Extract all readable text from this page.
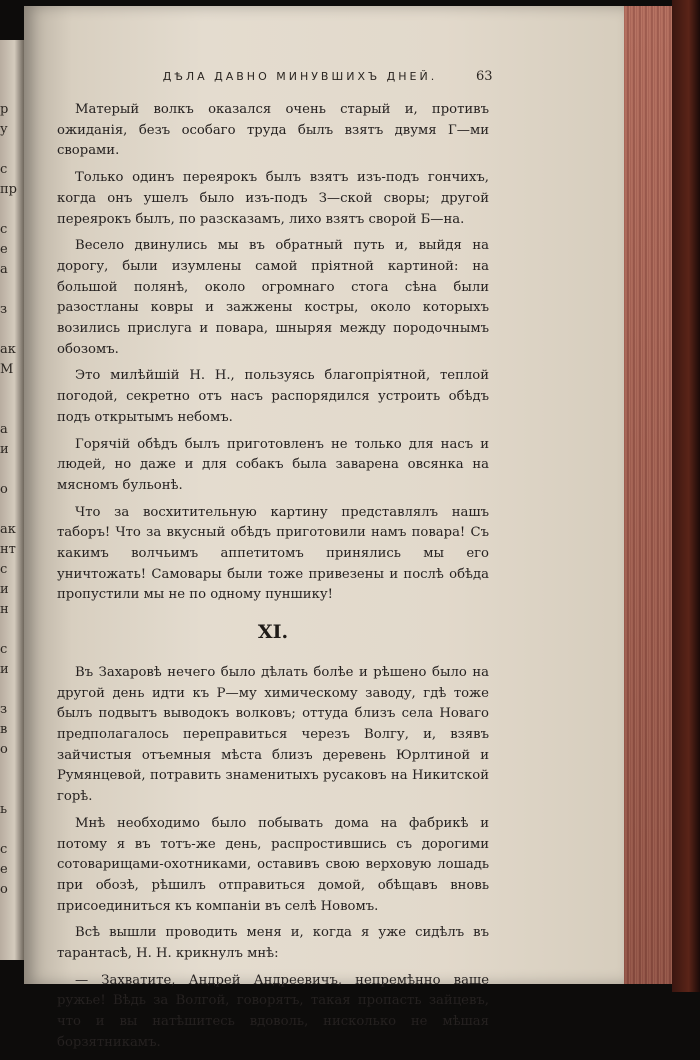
р
у

с
пр

с
е
а

з

ак
М

а
и

о

ак
нт
с
и
н

с
и

з
в
о

ь

с
е
о
ДѢЛА ДАВНО МИНУВШИХЪ ДНЕЙ.	63

Матерый волкъ оказался очень старый и, противъ ожиданія, безъ особаго труда былъ взятъ двумя Г—ми сворами.

Только одинъ переярокъ былъ взятъ изъ-подъ гончихъ, когда онъ ушелъ было изъ-подъ З—ской своры; другой переярокъ былъ, по разсказамъ, лихо взятъ сворой Б—на.

Весело двинулись мы въ обратный путь и, выйдя на дорогу, были изумлены самой пріятной картиной: на большой полянѣ, около огромнаго стога сѣна были разостланы ковры и зажжены костры, около которыхъ возились прислуга и повара, шныряя между породочнымъ обозомъ.

Это милѣйшій Н. Н., пользуясь благопріятной, теплой погодой, секретно отъ насъ распорядился устроить обѣдъ подъ открытымъ небомъ.

Горячій обѣдъ былъ приготовленъ не только для насъ и людей, но даже и для собакъ была заварена овсянка на мясномъ бульонѣ.

Что за восхитительную картину представлялъ нашъ таборъ! Что за вкусный обѣдъ приготовили намъ повара! Съ какимъ волчьимъ аппетитомъ принялись мы его уничтожать! Самовары были тоже привезены и послѣ обѣда пропустили мы не по одному пуншику!

XI.

Въ Захаровѣ нечего было дѣлать болѣе и рѣшено было на другой день идти къ Р—му химическому заводу, гдѣ тоже былъ подвытъ выводокъ волковъ; оттуда близъ села Новаго предполагалось переправиться черезъ Волгу, и, взявъ зайчистыя отъемныя мѣста близъ деревень Юрлтиной и Румянцевой, потравить знаменитыхъ русаковъ на Никитской горѣ.

Мнѣ необходимо было побывать дома на фабрикѣ и потому я въ тотъ-же день, распростившись съ дорогими сотоварищами-охотниками, оставивъ свою верховую лошадь при обозѣ, рѣшилъ отправиться домой, обѣщавъ вновь присоединиться къ компаніи въ селѣ Новомъ.

Всѣ вышли проводить меня и, когда я уже сидѣлъ въ тарантасѣ, Н. Н. крикнулъ мнѣ:

— Захватите, Андрей Андреевичъ, непремѣнно ваше ружье! Вѣдь за Волгой, говорятъ, такая пропасть зайцевъ, что и вы натѣшитесь вдоволь, нисколько не мѣшая борзятникамъ.
